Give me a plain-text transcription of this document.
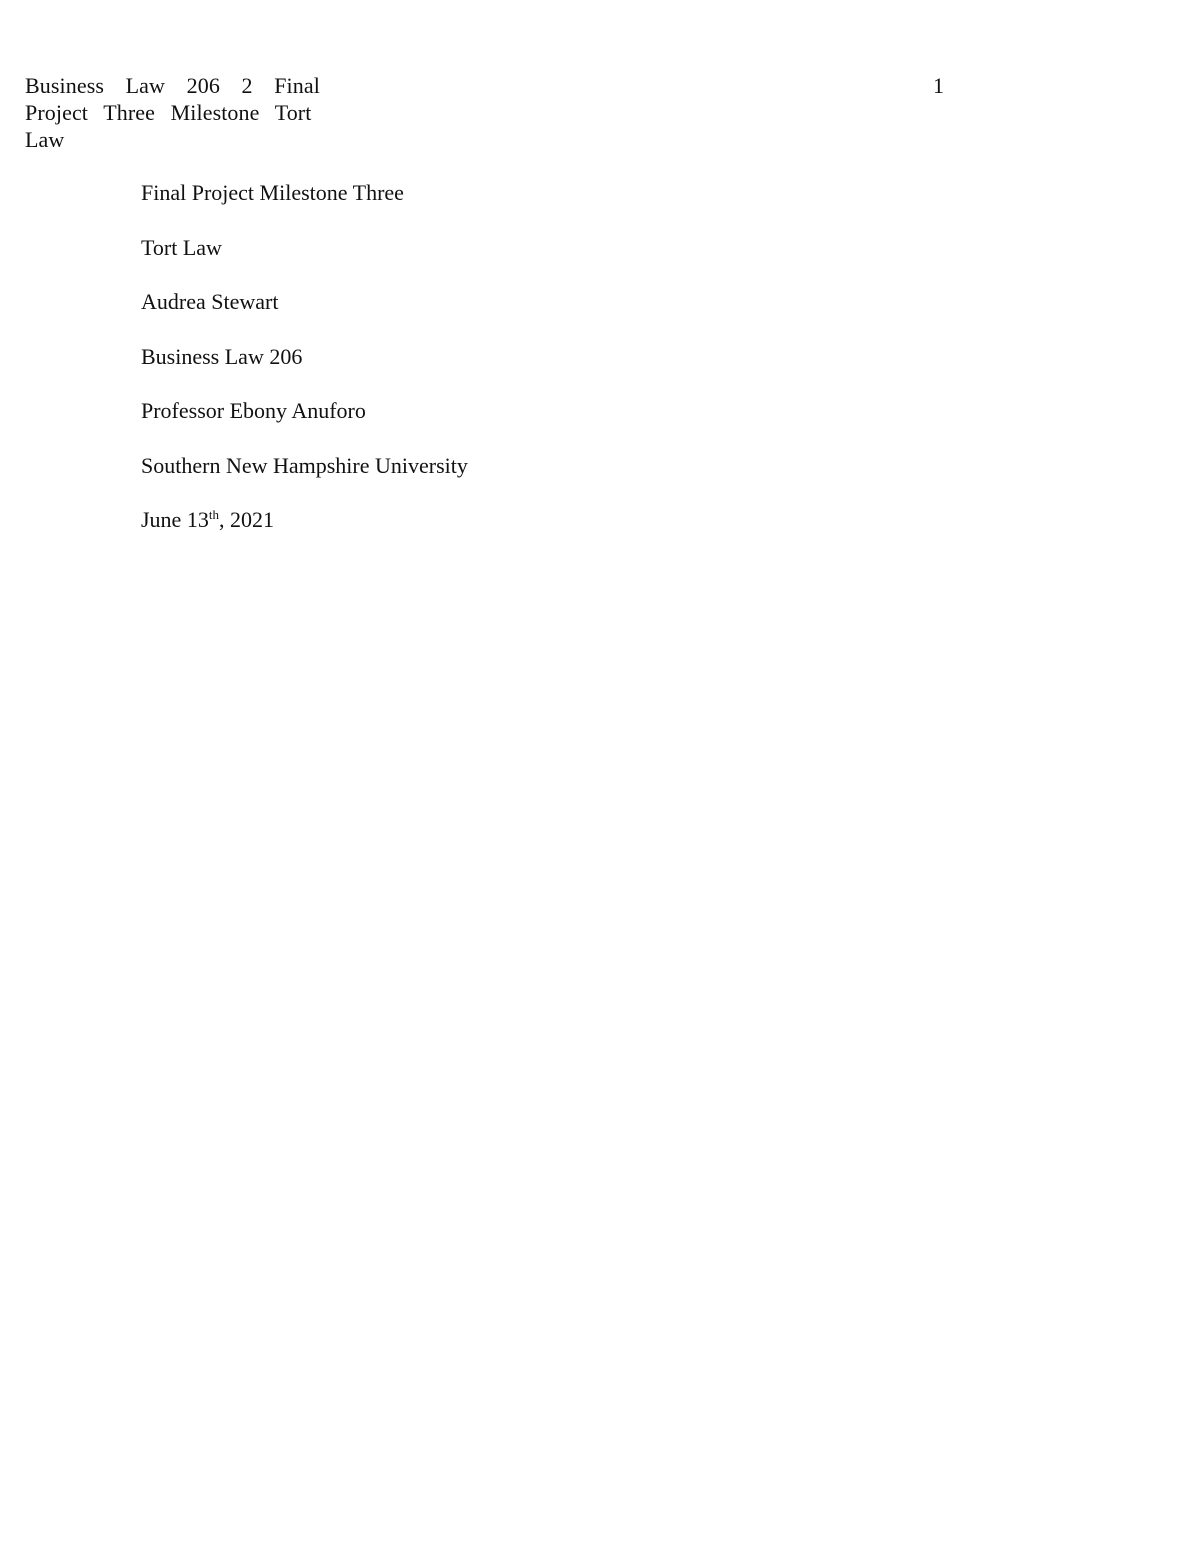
Business Law 206 2 Final
Project Three Milestone Tort
Law
1
Final Project Milestone Three
Tort Law
Audrea Stewart
Business Law 206
Professor Ebony Anuforo
Southern New Hampshire University
June 13th, 2021
